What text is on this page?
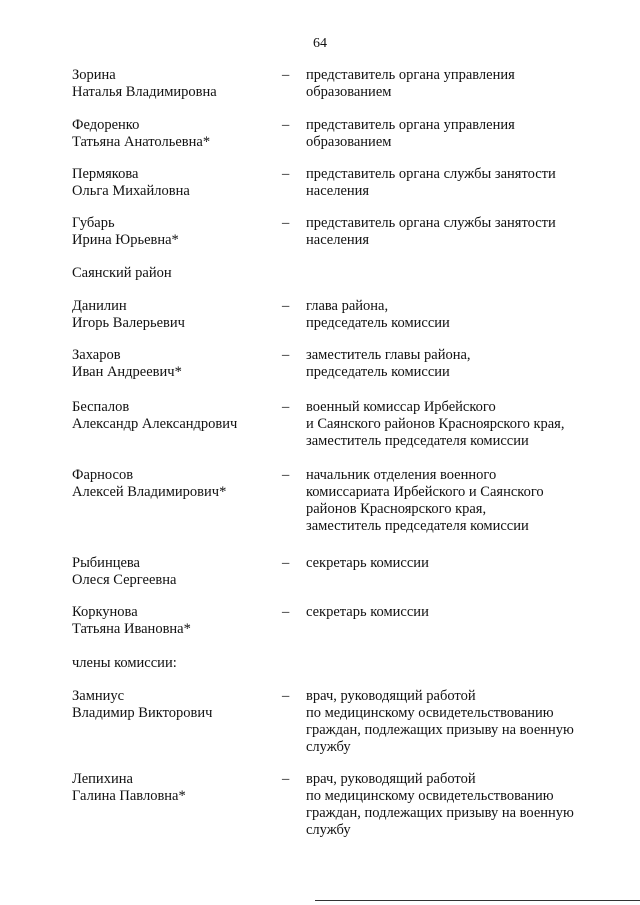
64
Зорина
Наталья Владимировна
– представитель органа управления
образованием
Федоренко
Татьяна Анатольевна*
– представитель органа управления
образованием
Пермякова
Ольга Михайловна
– представитель органа службы занятости
населения
Губарь
Ирина Юрьевна*
– представитель органа службы занятости
населения
Саянский район
Данилин
Игорь Валерьевич
– глава района,
председатель комиссии
Захаров
Иван Андреевич*
– заместитель главы района,
председатель комиссии
Беспалов
Александр Александрович
– военный комиссар Ирбейского
и Саянского районов Красноярского края,
заместитель председателя комиссии
Фарносов
Алексей Владимирович*
– начальник отделения военного
комиссариата Ирбейского и Саянского
районов Красноярского края,
заместитель председателя комиссии
Рыбинцева
Олеся Сергеевна
– секретарь комиссии
Коркунова
Татьяна Ивановна*
– секретарь комиссии
члены комиссии:
Замниус
Владимир Викторович
– врач, руководящий работой
по медицинскому освидетельствованию
граждан, подлежащих призыву на военную
службу
Лепихина
Галина Павловна*
– врач, руководящий работой
по медицинскому освидетельствованию
граждан, подлежащих призыву на военную
службу
